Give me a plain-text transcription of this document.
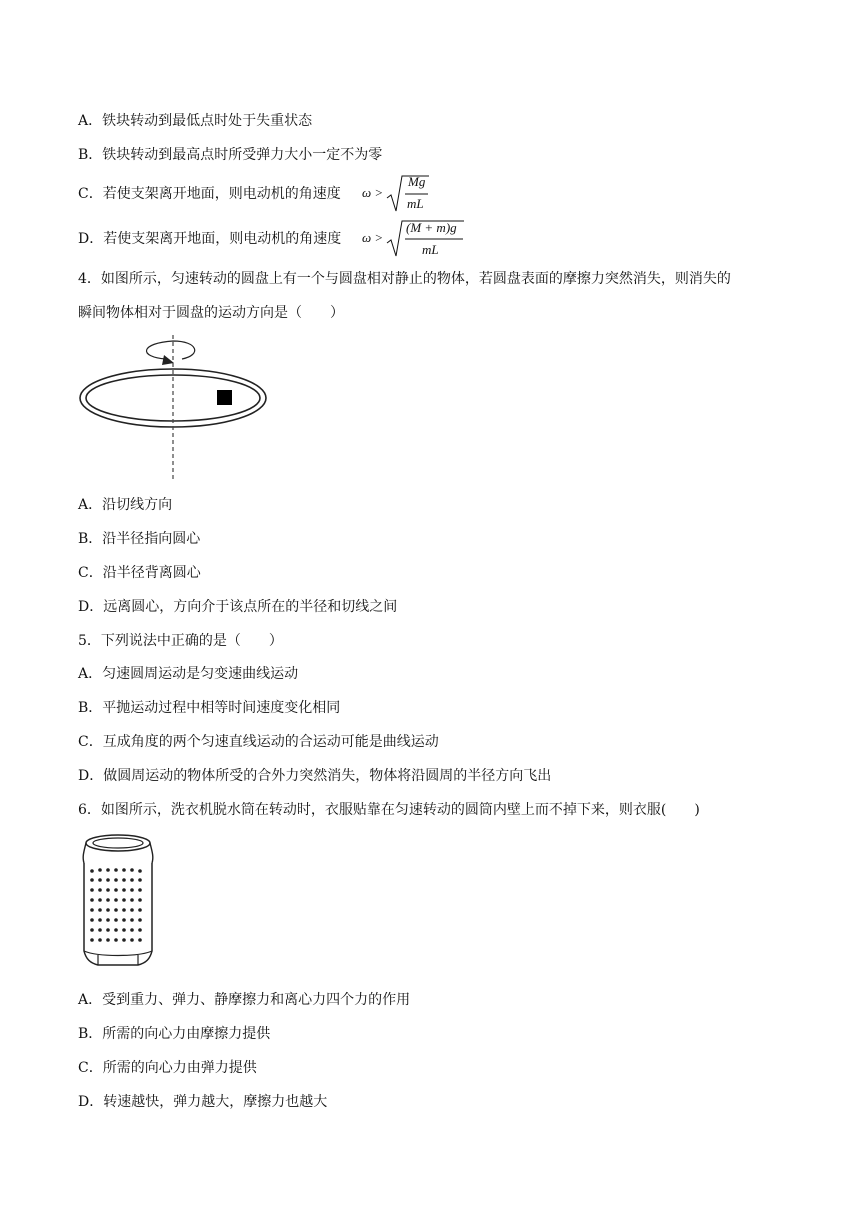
A．铁块转动到最低点时处于失重状态
B．铁块转动到最高点时所受弹力大小一定不为零
C．若使支架离开地面，则电动机的角速度 ω >
Mg
mL
D．若使支架离开地面，则电动机的角速度 ω >
(M + m)g
mL
4．如图所示，匀速转动的圆盘上有一个与圆盘相对静止的物体，若圆盘表面的摩擦力突然消失，则消失的
瞬间物体相对于圆盘的运动方向是（　　）
A．沿切线方向
B．沿半径指向圆心
C．沿半径背离圆心
D．远离圆心，方向介于该点所在的半径和切线之间
5．下列说法中正确的是（　　）
A．匀速圆周运动是匀变速曲线运动
B．平抛运动过程中相等时间速度变化相同
C．互成角度的两个匀速直线运动的合运动可能是曲线运动
D．做圆周运动的物体所受的合外力突然消失，物体将沿圆周的半径方向飞出
6．如图所示，洗衣机脱水筒在转动时，衣服贴靠在匀速转动的圆筒内壁上而不掉下来，则衣服(　　)
A．受到重力、弹力、静摩擦力和离心力四个力的作用
B．所需的向心力由摩擦力提供
C．所需的向心力由弹力提供
D．转速越快，弹力越大，摩擦力也越大
